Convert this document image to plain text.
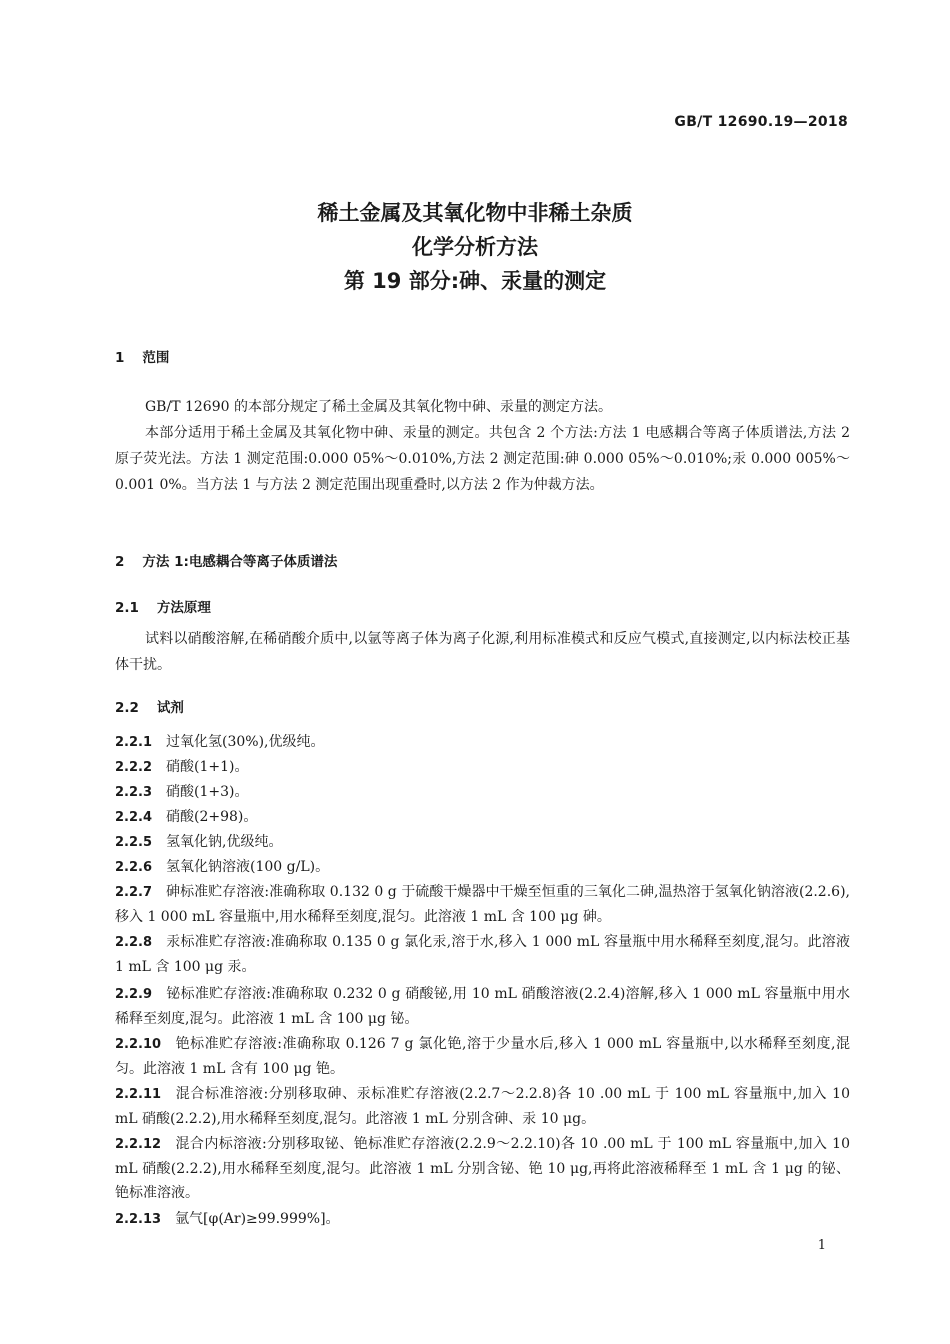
GB/T 12690.19—2018
稀土金属及其氧化物中非稀土杂质
化学分析方法
第 19 部分:砷、汞量的测定
1 范围
GB/T 12690 的本部分规定了稀土金属及其氧化物中砷、汞量的测定方法。
本部分适用于稀土金属及其氧化物中砷、汞量的测定。共包含 2 个方法:方法 1 电感耦合等离子体质谱法,方法 2 原子荧光法。方法 1 测定范围:0.000 05%～0.010%,方法 2 测定范围:砷 0.000 05%～0.010%;汞 0.000 005%～0.001 0%。当方法 1 与方法 2 测定范围出现重叠时,以方法 2 作为仲裁方法。
2 方法 1:电感耦合等离子体质谱法
2.1 方法原理
试料以硝酸溶解,在稀硝酸介质中,以氩等离子体为离子化源,利用标准模式和反应气模式,直接测定,以内标法校正基体干扰。
2.2 试剂
2.2.1 过氧化氢(30%),优级纯。
2.2.2 硝酸(1+1)。
2.2.3 硝酸(1+3)。
2.2.4 硝酸(2+98)。
2.2.5 氢氧化钠,优级纯。
2.2.6 氢氧化钠溶液(100 g/L)。
2.2.7 砷标准贮存溶液:准确称取 0.132 0 g 于硫酸干燥器中干燥至恒重的三氧化二砷,温热溶于氢氧化钠溶液(2.2.6),移入 1 000 mL 容量瓶中,用水稀释至刻度,混匀。此溶液 1 mL 含 100 μg 砷。
2.2.8 汞标准贮存溶液:准确称取 0.135 0 g 氯化汞,溶于水,移入 1 000 mL 容量瓶中用水稀释至刻度,混匀。此溶液 1 mL 含 100 μg 汞。
2.2.9 铋标准贮存溶液:准确称取 0.232 0 g 硝酸铋,用 10 mL 硝酸溶液(2.2.4)溶解,移入 1 000 mL 容量瓶中用水稀释至刻度,混匀。此溶液 1 mL 含 100 μg 铋。
2.2.10 铯标准贮存溶液:准确称取 0.126 7 g 氯化铯,溶于少量水后,移入 1 000 mL 容量瓶中,以水稀释至刻度,混匀。此溶液 1 mL 含有 100 μg 铯。
2.2.11 混合标准溶液:分别移取砷、汞标准贮存溶液(2.2.7～2.2.8)各 10 .00 mL 于 100 mL 容量瓶中,加入 10 mL 硝酸(2.2.2),用水稀释至刻度,混匀。此溶液 1 mL 分别含砷、汞 10 μg。
2.2.12 混合内标溶液:分别移取铋、铯标准贮存溶液(2.2.9～2.2.10)各 10 .00 mL 于 100 mL 容量瓶中,加入 10 mL 硝酸(2.2.2),用水稀释至刻度,混匀。此溶液 1 mL 分别含铋、铯 10 μg,再将此溶液稀释至 1 mL 含 1 μg 的铋、铯标准溶液。
2.2.13 氩气[φ(Ar)≥99.999%]。
1
